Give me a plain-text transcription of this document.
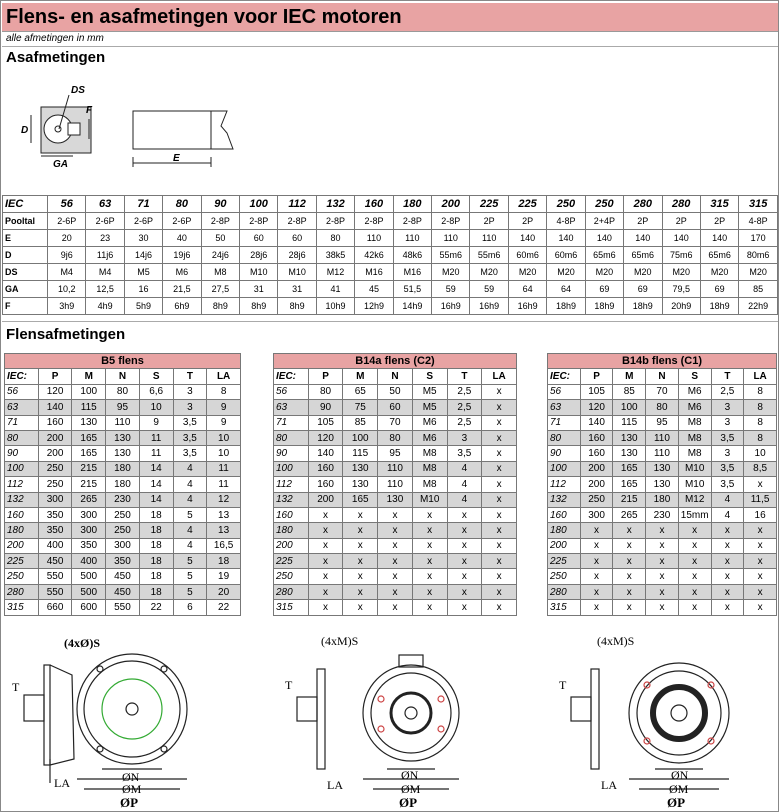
Flens- en asafmetingen voor IEC motoren
alle afmetingen in mm
Asafmetingen
DS
F
D
GA
E
IEC	56	63	71	80	90	100	112	132	160	180	200	225	225	250	250	280	280	315	315
Pooltal	2-6P	2-6P	2-6P	2-6P	2-8P	2-8P	2-8P	2-8P	2-8P	2-8P	2-8P	2P	2P	4-8P	2+4P	2P	2P	2P	4-8P
E	20	23	30	40	50	60	60	80	110	110	110	110	140	140	140	140	140	140	170
D	9j6	11j6	14j6	19j6	24j6	28j6	28j6	38k5	42k6	48k6	55m6	55m6	60m6	60m6	65m6	65m6	75m6	65m6	80m6
DS	M4	M4	M5	M6	M8	M10	M10	M12	M16	M16	M20	M20	M20	M20	M20	M20	M20	M20	M20
GA	10,2	12,5	16	21,5	27,5	31	31	41	45	51,5	59	59	64	64	69	69	79,5	69	85
F	3h9	4h9	5h9	6h9	8h9	8h9	8h9	10h9	12h9	14h9	16h9	16h9	16h9	18h9	18h9	18h9	20h9	18h9	22h9
Flensafmetingen
B5 flens						
IEC:	P	M	N	S	T	LA
56	120	100	80	6,6	3	8
63	140	115	95	10	3	9
71	160	130	110	9	3,5	9
80	200	165	130	11	3,5	10
90	200	165	130	11	3,5	10
100	250	215	180	14	4	11
112	250	215	180	14	4	11
132	300	265	230	14	4	12
160	350	300	250	18	5	13
180	350	300	250	18	4	13
200	400	350	300	18	4	16,5
225	450	400	350	18	5	18
250	550	500	450	18	5	19
280	550	500	450	18	5	20
315	660	600	550	22	6	22
B14a flens (C2)						
IEC:	P	M	N	S	T	LA
56	80	65	50	M5	2,5	x
63	90	75	60	M5	2,5	x
71	105	85	70	M6	2,5	x
80	120	100	80	M6	3	x
90	140	115	95	M8	3,5	x
100	160	130	110	M8	4	x
112	160	130	110	M8	4	x
132	200	165	130	M10	4	x
160	x	x	x	x	x	x
180	x	x	x	x	x	x
200	x	x	x	x	x	x
225	x	x	x	x	x	x
250	x	x	x	x	x	x
280	x	x	x	x	x	x
315	x	x	x	x	x	x
B14b flens (C1)						
IEC:	P	M	N	S	T	LA
56	105	85	70	M6	2,5	8
63	120	100	80	M6	3	8
71	140	115	95	M8	3	8
80	160	130	110	M8	3,5	8
90	160	130	110	M8	3	10
100	200	165	130	M10	3,5	8,5
112	200	165	130	M10	3,5	x
132	250	215	180	M12	4	11,5
160	300	265	230	15mm	4	16
180	x	x	x	x	x	x
200	x	x	x	x	x	x
225	x	x	x	x	x	x
250	x	x	x	x	x	x
280	x	x	x	x	x	x
315	x	x	x	x	x	x
(4xØ)S
T
LA	ØN
ØM
ØP
(4xM)S
T
LA
ØN
ØM
ØP
(4xM)S
T
LA
ØN
ØM
ØP
